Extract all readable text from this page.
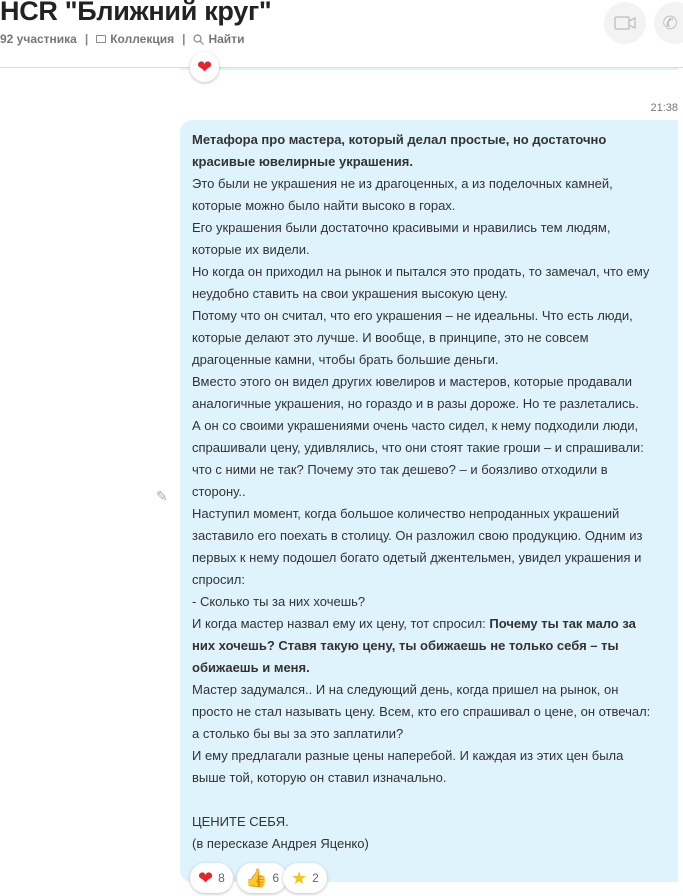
HCR "Ближний круг"
92 участника | Коллекция | Найти
✆
❤
21:38
✎
Метафора про мастера, который делал простые, но достаточно
красивые ювелирные украшения.
Это были не украшения не из драгоценных, а из поделочных камней,
которые можно было найти высоко в горах.
Его украшения были достаточно красивыми и нравились тем людям,
которые их видели.
Но когда он приходил на рынок и пытался это продать, то замечал, что ему
неудобно ставить на свои украшения высокую цену.
Потому что он считал, что его украшения – не идеальны. Что есть люди,
которые делают это лучше. И вообще, в принципе, это не совсем
драгоценные камни, чтобы брать большие деньги.
Вместо этого он видел других ювелиров и мастеров, которые продавали
аналогичные украшения, но гораздо и в разы дороже. Но те разлетались.
А он со своими украшениями очень часто сидел, к нему подходили люди,
спрашивали цену, удивлялись, что они стоят такие гроши – и спрашивали:
что с ними не так? Почему это так дешево? – и боязливо отходили в
сторону..
Наступил момент, когда большое количество непроданных украшений
заставило его поехать в столицу. Он разложил свою продукцию. Одним из
первых к нему подошел богато одетый джентельмен, увидел украшения и
спросил:
- Сколько ты за них хочешь?
И когда мастер назвал ему их цену, тот спросил: Почему ты так мало за
них хочешь? Ставя такую цену, ты обижаешь не только себя – ты
обижаешь и меня.
Мастер задумался.. И на следующий день, когда пришел на рынок, он
просто не стал называть цену. Всем, кто его спрашивал о цене, он отвечал:
а столько бы вы за это заплатили?
И ему предлагали разные цены наперебой. И каждая из этих цен была
выше той, которую он ставил изначально.
ЦЕНИТЕ СЕБЯ.
(в пересказе Андрея Яценко)
❤ 8 👍 6 ★ 2
